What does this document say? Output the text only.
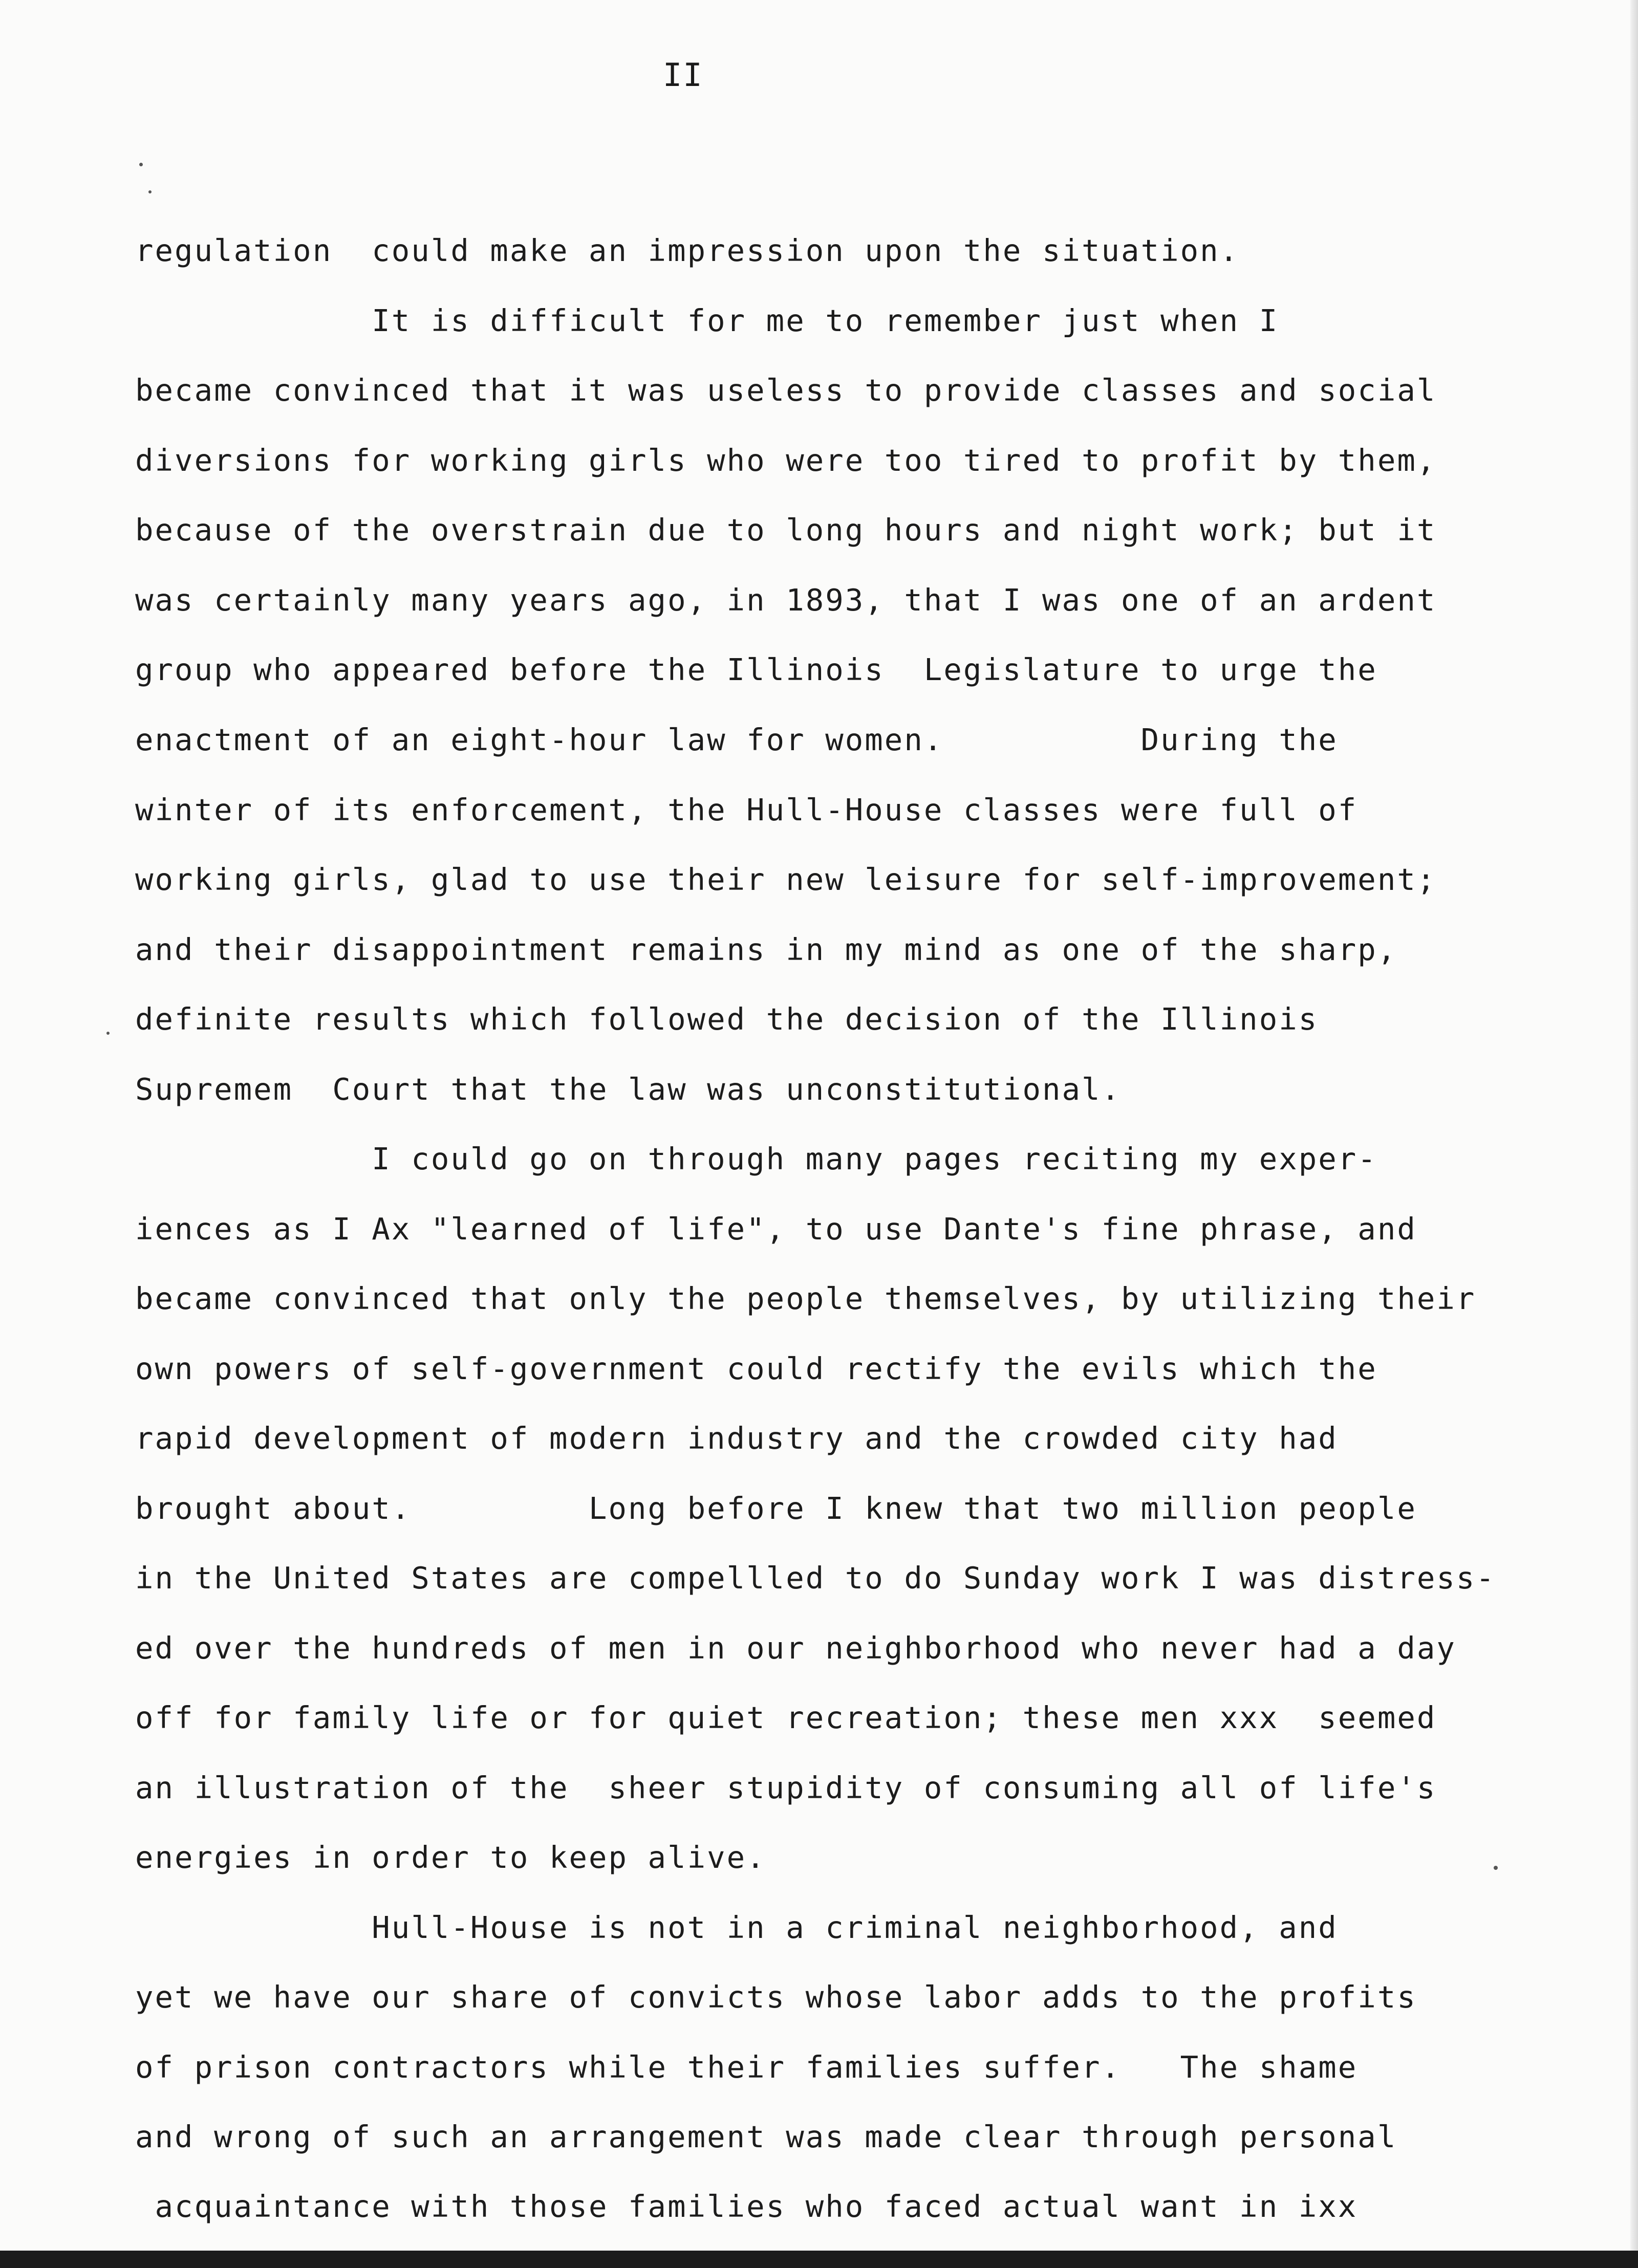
II
regulation  could make an impression upon the situation.
It is difficult for me to remember just when I
became convinced that it was useless to provide classes and social
diversions for working girls who were too tired to profit by them,
because of the overstrain due to long hours and night work; but it
was certainly many years ago, in 1893, that I was one of an ardent
group who appeared before the Illinois  Legislature to urge the
enactment of an eight-hour law for women.          During the
winter of its enforcement, the Hull-House classes were full of
working girls, glad to use their new leisure for self-improvement;
and their disappointment remains in my mind as one of the sharp,
definite results which followed the decision of the Illinois
Supremem  Court that the law was unconstitutional.
I could go on through many pages reciting my exper-
iences as I Ax "learned of life", to use Dante's fine phrase, and
became convinced that only the people themselves, by utilizing their
own powers of self-government could rectify the evils which the
rapid development of modern industry and the crowded city had
brought about.         Long before I knew that two million people
in the United States are compellled to do Sunday work I was distress-
ed over the hundreds of men in our neighborhood who never had a day
off for family life or for quiet recreation; these men xxx  seemed
an illustration of the  sheer stupidity of consuming all of life's
energies in order to keep alive.
Hull-House is not in a criminal neighborhood, and
yet we have our share of convicts whose labor adds to the profits
of prison contractors while their families suffer.   The shame
and wrong of such an arrangement was made clear through personal
acquaintance with those families who faced actual want in ixx
